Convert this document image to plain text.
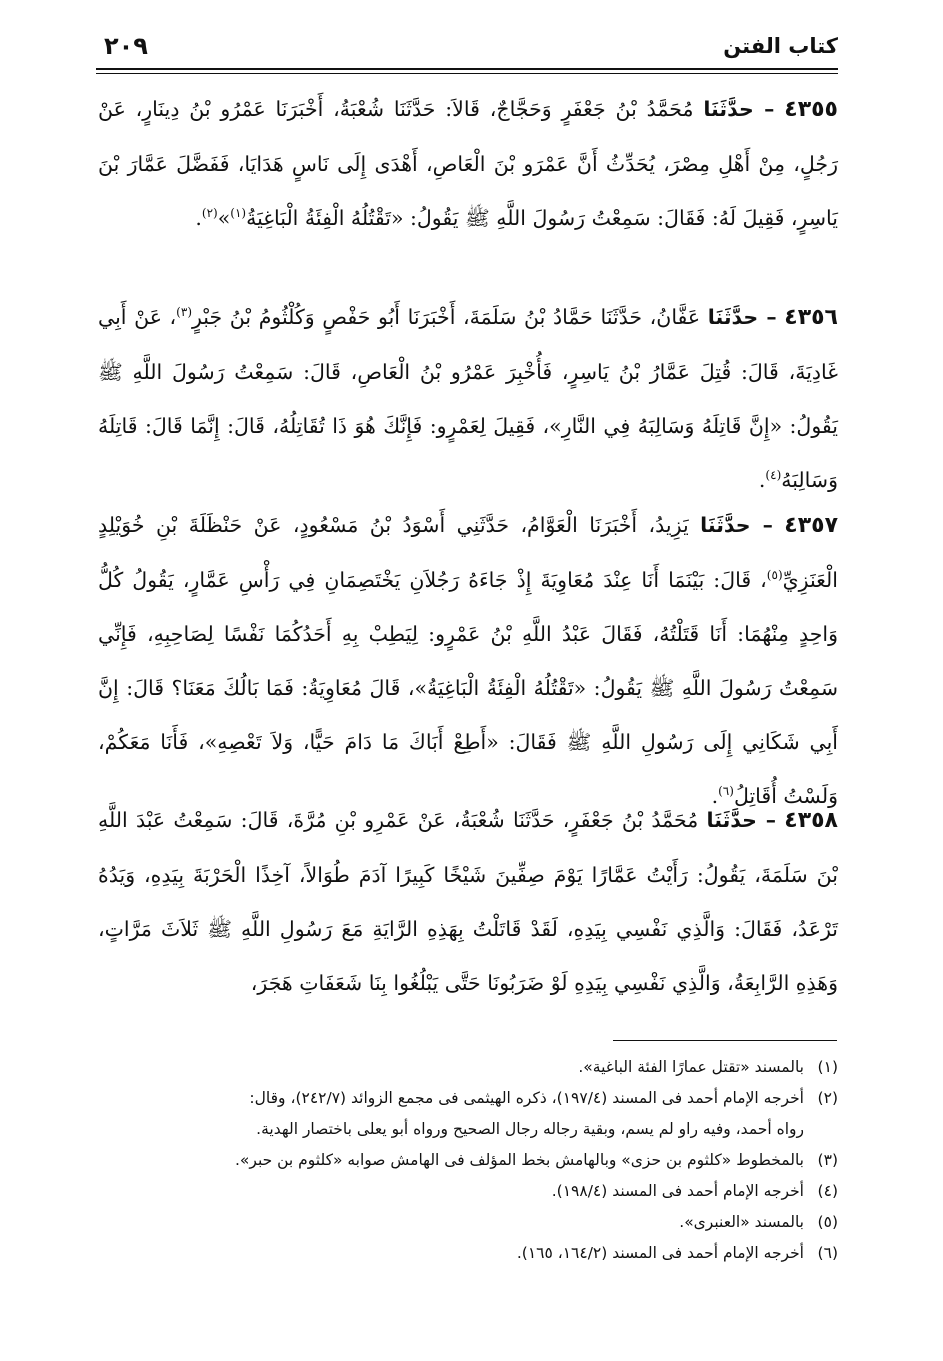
كتاب الفتن
٢٠٩
٤٣٥٥ – حدَّثَنَا مُحَمَّدُ بْنُ جَعْفَرٍ وَحَجَّاجٌ، قَالاَ: حَدَّثَنَا شُعْبَةُ، أَخْبَرَنَا عَمْرُو بْنُ دِينَارٍ، عَنْ رَجُلٍ، مِنْ أَهْلِ مِصْرَ، يُحَدِّثُ أَنَّ عَمْرَو بْنَ الْعَاصِ، أَهْدَى إِلَى نَاسٍ هَدَايَا، فَفَضَّلَ عَمَّارَ بْنَ يَاسِرٍ، فَقِيلَ لَهُ: فَقَالَ: سَمِعْتُ رَسُولَ اللَّهِ ﷺ يَقُولُ: «تَقْتُلُهُ الْفِئَةُ الْبَاغِيَةُ$^{(١)}$»$^{(٢)}$.
٤٣٥٦ – حدَّثَنَا عَفَّانُ، حَدَّثَنَا حَمَّادُ بْنُ سَلَمَةَ، أَخْبَرَنَا أَبُو حَفْصٍ وَكُلْثُومُ بْنُ جَبْرٍ$^{(٣)}$، عَنْ أَبِي غَادِيَةَ، قَالَ: قُتِلَ عَمَّارُ بْنُ يَاسِرٍ، فَأُخْبِرَ عَمْرُو بْنُ الْعَاصِ، قَالَ: سَمِعْتُ رَسُولَ اللَّهِ ﷺ يَقُولُ: «إِنَّ قَاتِلَهُ وَسَالِبَهُ فِي النَّارِ»، فَقِيلَ لِعَمْرٍو: فَإِنَّكَ هُوَ ذَا تُقَاتِلُهُ، قَالَ: إِنَّمَا قَالَ: قَاتِلَهُ وَسَالِبَهُ$^{(٤)}$.
٤٣٥٧ – حدَّثَنَا يَزِيدُ، أَخْبَرَنَا الْعَوَّامُ، حَدَّثَنِي أَسْوَدُ بْنُ مَسْعُودٍ، عَنْ حَنْظَلَةَ بْنِ خُوَيْلِدٍ الْعَنَزِيِّ$^{(٥)}$، قَالَ: بَيْنَمَا أَنَا عِنْدَ مُعَاوِيَةَ إِذْ جَاءَهُ رَجُلاَنِ يَخْتَصِمَانِ فِي رَأْسِ عَمَّارٍ، يَقُولُ كُلُّ وَاحِدٍ مِنْهُمَا: أَنَا قَتَلْتُهُ، فَقَالَ عَبْدُ اللَّهِ بْنُ عَمْرٍو: لِيَطِبْ بِهِ أَحَدُكُمَا نَفْسًا لِصَاحِبِهِ، فَإِنِّي سَمِعْتُ رَسُولَ اللَّهِ ﷺ يَقُولُ: «تَقْتُلُهُ الْفِئَةُ الْبَاغِيَةُ»، قَالَ مُعَاوِيَةُ: فَمَا بَالُكَ مَعَنَا؟ قَالَ: إِنَّ أَبِي شَكَانِي إِلَى رَسُولِ اللَّهِ ﷺ فَقَالَ: «أَطِعْ أَبَاكَ مَا دَامَ حَيًّا، وَلاَ تَعْصِهِ»، فَأَنَا مَعَكُمْ، وَلَسْتُ أُقَاتِلُ$^{(٦)}$.
٤٣٥٨ – حدَّثَنَا مُحَمَّدُ بْنُ جَعْفَرٍ، حَدَّثَنَا شُعْبَةُ، عَنْ عَمْرِو بْنِ مُرَّةَ، قَالَ: سَمِعْتُ عَبْدَ اللَّهِ بْنَ سَلَمَةَ، يَقُولُ: رَأَيْتُ عَمَّارًا يَوْمَ صِفِّينَ شَيْخًا كَبِيرًا آدَمَ طُوَالاً، آخِذًا الْحَرْبَةَ بِيَدِهِ، وَيَدُهُ تَرْعَدُ، فَقَالَ: وَالَّذِي نَفْسِي بِيَدِهِ، لَقَدْ قَاتَلْتُ بِهَذِهِ الرَّايَةِ مَعَ رَسُولِ اللَّهِ ﷺ ثَلاَثَ مَرَّاتٍ، وَهَذِهِ الرَّابِعَةُ، وَالَّذِي نَفْسِي بِيَدِهِ لَوْ ضَرَبُونَا حَتَّى يَبْلُغُوا بِنَا شَعَفَاتِ هَجَرَ،
(١)
بالمسند «تقتل عمارًا الفئة الباغية».
(٢)
أخرجه الإمام أحمد فى المسند (١٩٧/٤)، ذكره الهيثمى فى مجمع الزوائد (٢٤٢/٧)، وقال:
رواه أحمد، وفيه راو لم يسم، وبقية رجاله رجال الصحيح ورواه أبو يعلى باختصار الهدية.
(٣)
بالمخطوط «كلثوم بن حزى» وبالهامش بخط المؤلف فى الهامش صوابه «كلثوم بن حبر».
(٤)
أخرجه الإمام أحمد فى المسند (١٩٨/٤).
(٥)
بالمسند «العنبرى».
(٦)
أخرجه الإمام أحمد فى المسند (١٦٤/٢، ١٦٥).
